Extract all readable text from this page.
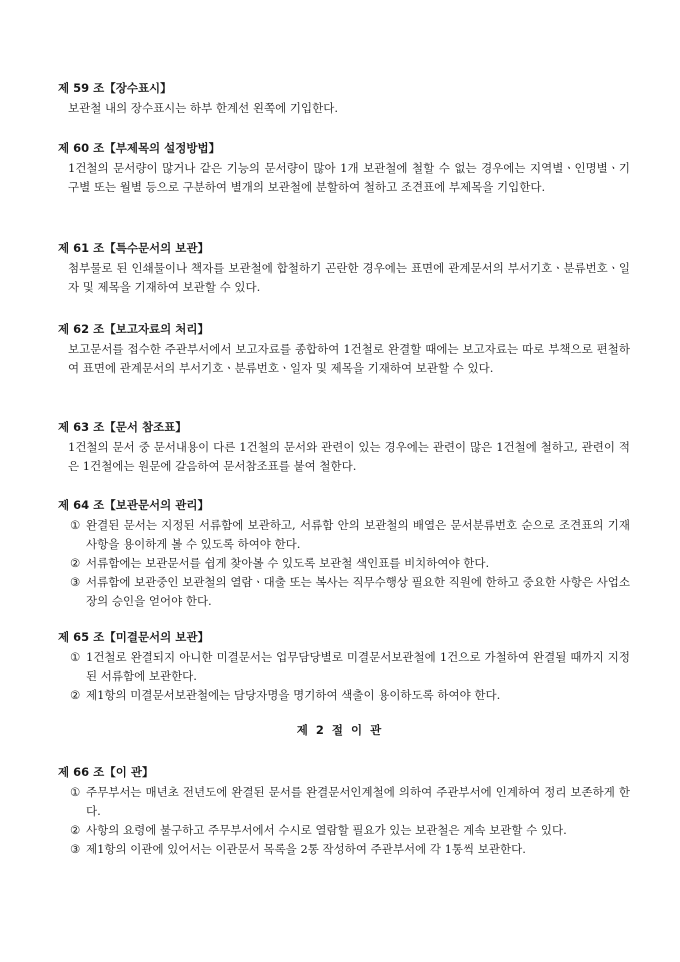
제 59 조【장수표시】
보관철 내의 장수표시는 하부 한계선 왼쪽에 기입한다.
제 60 조【부제목의 설정방법】
1건철의 문서량이 많거나 같은 기능의 문서량이 많아 1개 보관철에 철할 수 없는 경우에는 지역별ㆍ인명별ㆍ기구별 또는 월별 등으로 구분하여 별개의 보관철에 분할하여 철하고 조견표에 부제목을 기입한다.
제 61 조【특수문서의 보관】
첨부물로 된 인쇄물이나 책자를 보관철에 합철하기 곤란한 경우에는 표면에 관계문서의 부서기호ㆍ분류번호ㆍ일자 및 제목을 기재하여 보관할 수 있다.
제 62 조【보고자료의 처리】
보고문서를 접수한 주관부서에서 보고자료를 종합하여 1건철로 완결할 때에는 보고자료는 따로 부책으로 편철하여 표면에 관계문서의 부서기호ㆍ분류번호ㆍ일자 및 제목을 기재하여 보관할 수 있다.
제 63 조【문서 참조표】
1건철의 문서 중 문서내용이 다른 1건철의 문서와 관련이 있는 경우에는 관련이 많은 1건철에 철하고, 관련이 적은 1건철에는 원문에 갈음하여 문서참조표를 붙여 철한다.
제 64 조【보관문서의 관리】
① 완결된 문서는 지정된 서류함에 보관하고, 서류함 안의 보관철의 배열은 문서분류번호 순으로 조견표의 기재사항을 용이하게 볼 수 있도록 하여야 한다.
② 서류함에는 보관문서를 쉽게 찾아볼 수 있도록 보관철 색인표를 비치하여야 한다.
③ 서류함에 보관중인 보관철의 열람ㆍ대출 또는 복사는 직무수행상 필요한 직원에 한하고 중요한 사항은 사업소장의 승인을 얻어야 한다.
제 65 조【미결문서의 보관】
① 1건철로 완결되지 아니한 미결문서는 업무담당별로 미결문서보관철에 1건으로 가철하여 완결될 때까지 지정된 서류함에 보관한다.
② 제1항의 미결문서보관철에는 담당자명을 명기하여 색출이 용이하도록 하여야 한다.
제 2 절 이 관
제 66 조【이 관】
① 주무부서는 매년초 전년도에 완결된 문서를 완결문서인계철에 의하여 주관부서에 인계하여 정리 보존하게 한다.
② 사항의 요령에 불구하고 주무부서에서 수시로 열람할 필요가 있는 보관철은 계속 보관할 수 있다.
③ 제1항의 이관에 있어서는 이관문서 목록을 2통 작성하여 주관부서에 각 1통씩 보관한다.
